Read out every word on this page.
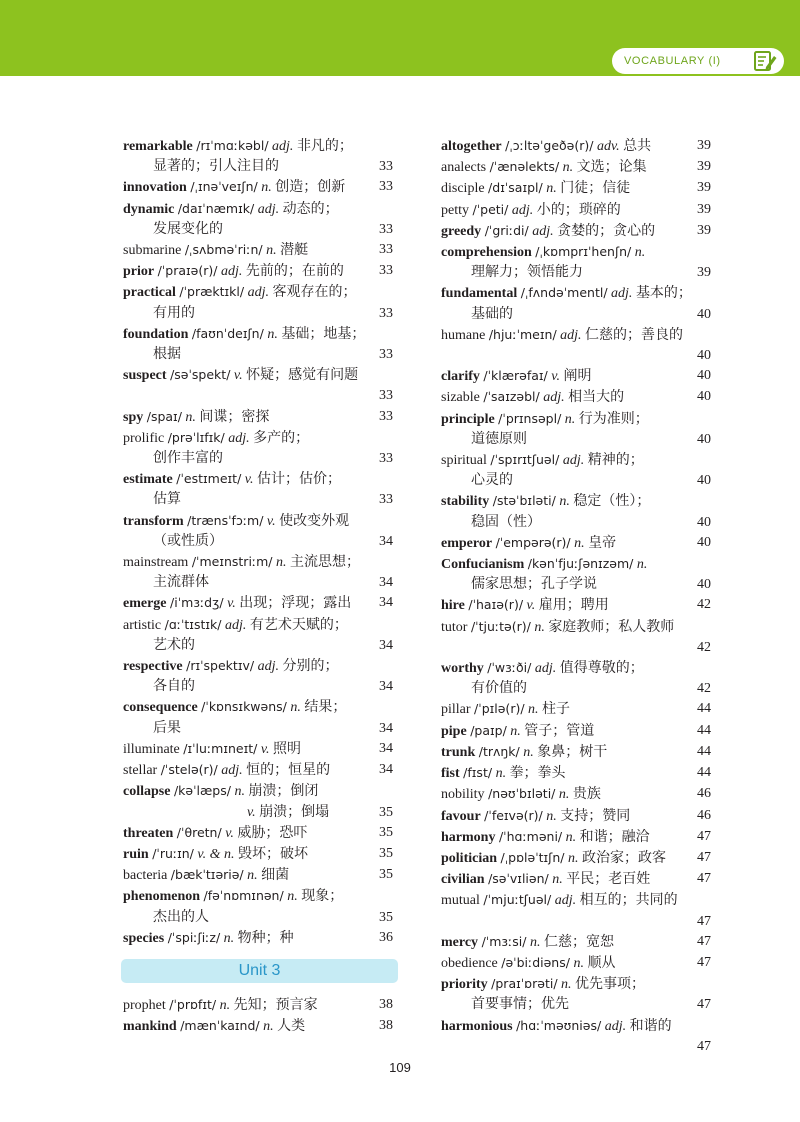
VOCABULARY (I)
remarkable /rɪˈmɑːkəbl/ adj. 非凡的；
显著的；引人注目的	33
innovation /ˌɪnəˈveɪʃn/ n. 创造；创新 33
dynamic /daɪˈnæmɪk/ adj. 动态的；
发展变化的	33
submarine /ˌsʌbməˈriːn/ n. 潜艇	33
prior /ˈpraɪə(r)/ adj. 先前的；在前的	33
practical /ˈpræktɪkl/ adj. 客观存在的；
有用的	33
foundation /faʊnˈdeɪʃn/ n. 基础；地基；
根据	33
suspect /səˈspekt/ v. 怀疑；感觉有问题
33
spy /spaɪ/ n. 间谍；密探	33
prolific /prəˈlɪfɪk/ adj. 多产的；
创作丰富的	33
estimate /ˈestɪmeɪt/ v. 估计；估价；
估算	33
transform /trænsˈfɔːm/ v. 使改变外观
（或性质）	34
mainstream /ˈmeɪnstriːm/ n. 主流思想；
主流群体	34
emerge /iˈmɜːdʒ/ v. 出现；浮现；露出 34
artistic /ɑːˈtɪstɪk/ adj. 有艺术天赋的；
艺术的	34
respective /rɪˈspektɪv/ adj. 分别的；
各自的	34
consequence /ˈkɒnsɪkwəns/ n. 结果；
后果	34
illuminate /ɪˈluːmɪneɪt/ v. 照明	34
stellar /ˈstelə(r)/ adj. 恒的；恒星的	34
collapse /kəˈlæps/ n. 崩溃；倒闭
v. 崩溃；倒塌	35
threaten /ˈθretn/ v. 威胁；恐吓	35
ruin /ˈruːɪn/ v. & n. 毁坏；破坏	35
bacteria /bækˈtɪəriə/ n. 细菌	35
phenomenon /fəˈnɒmɪnən/ n. 现象；
杰出的人	35
species /ˈspiːʃiːz/ n. 物种；种	36
Unit 3
prophet /ˈprɒfɪt/ n. 先知；预言家	38
mankind /mænˈkaɪnd/ n. 人类	38
altogether /ˌɔːltəˈgeðə(r)/ adv. 总共	39
analects /ˈænəlekts/ n. 文选；论集	39
disciple /dɪˈsaɪpl/ n. 门徒；信徒	39
petty /ˈpeti/ adj. 小的；琐碎的	39
greedy /ˈgriːdi/ adj. 贪婪的；贪心的	39
comprehension /ˌkɒmprɪˈhenʃn/ n.
理解力；领悟能力	39
fundamental /ˌfʌndəˈmentl/ adj. 基本的；
基础的	40
humane /hjuːˈmeɪn/ adj. 仁慈的；善良的
40
clarify /ˈklærəfaɪ/ v. 阐明	40
sizable /ˈsaɪzəbl/ adj. 相当大的	40
principle /ˈprɪnsəpl/ n. 行为准则；
道德原则	40
spiritual /ˈspɪrɪtʃuəl/ adj. 精神的；
心灵的	40
stability /stəˈbɪləti/ n. 稳定（性）；
稳固（性）	40
emperor /ˈempərə(r)/ n. 皇帝	40
Confucianism /kənˈfjuːʃənɪzəm/ n.
儒家思想；孔子学说	40
hire /ˈhaɪə(r)/ v. 雇用；聘用	42
tutor /ˈtjuːtə(r)/ n. 家庭教师；私人教师
42
worthy /ˈwɜːði/ adj. 值得尊敬的；
有价值的	42
pillar /ˈpɪlə(r)/ n. 柱子	44
pipe /paɪp/ n. 管子；管道	44
trunk /trʌŋk/ n. 象鼻；树干	44
fist /fɪst/ n. 拳；拳头	44
nobility /nəʊˈbɪləti/ n. 贵族	46
favour /ˈfeɪvə(r)/ n. 支持；赞同	46
harmony /ˈhɑːməni/ n. 和谐；融洽	47
politician /ˌpɒləˈtɪʃn/ n. 政治家；政客 47
civilian /səˈvɪliən/ n. 平民；老百姓	47
mutual /ˈmjuːtʃuəl/ adj. 相互的；共同的
47
mercy /ˈmɜːsi/ n. 仁慈；宽恕	47
obedience /əˈbiːdiəns/ n. 顺从	47
priority /praɪˈɒrəti/ n. 优先事项；
首要事情；优先	47
harmonious /hɑːˈməʊniəs/ adj. 和谐的
47
109
